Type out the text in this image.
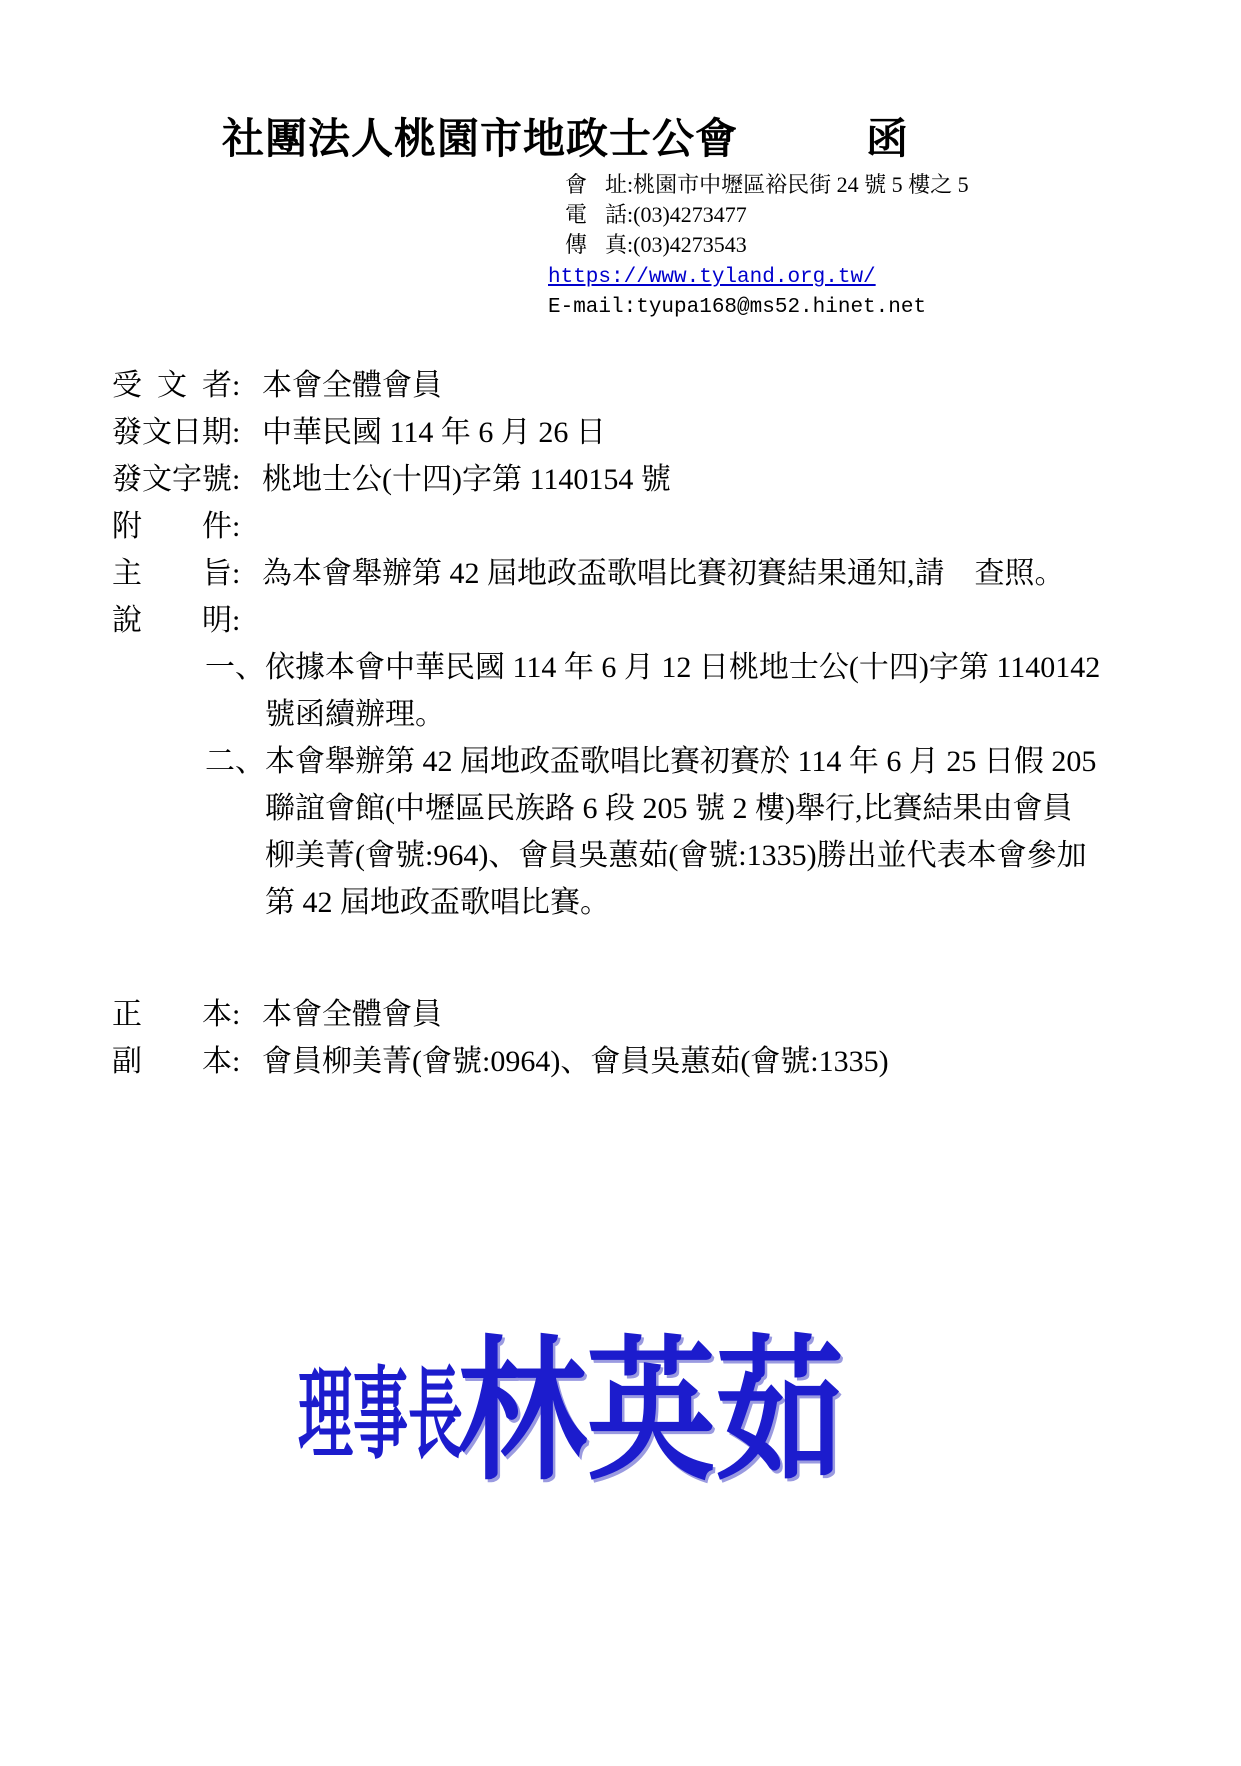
社團法人桃園市地政士公會	函
會址 : 桃園市中壢區裕民街 24 號 5 樓之 5
電話 : (03)4273477
傳真 : (03)4273543
https://www.tyland.org.tw/
E-mail:tyupa168@ms52.hinet.net
受文者 : 本會全體會員
發文日期 : 中華民國 114 年 6 月 26 日
發文字號 : 桃地士公(十四)字第 1140154 號
附件 :
主旨 : 為本會舉辦第 42 屆地政盃歌唱比賽初賽結果通知,請　查照。
說明 :
一、 依據本會中華民國 114 年 6 月 12 日桃地士公(十四)字第 1140142 號函續辦理。
二、 本會舉辦第 42 屆地政盃歌唱比賽初賽於 114 年 6 月 25 日假 205 聯誼會館(中壢區民族路 6 段 205 號 2 樓)舉行,比賽結果由會員柳美菁(會號:964)、會員吳蕙茹(會號:1335)勝出並代表本會參加第 42 屆地政盃歌唱比賽。
正本 : 本會全體會員
副本 : 會員柳美菁(會號:0964)、會員吳蕙茹(會號:1335)
理事長
林英茹
